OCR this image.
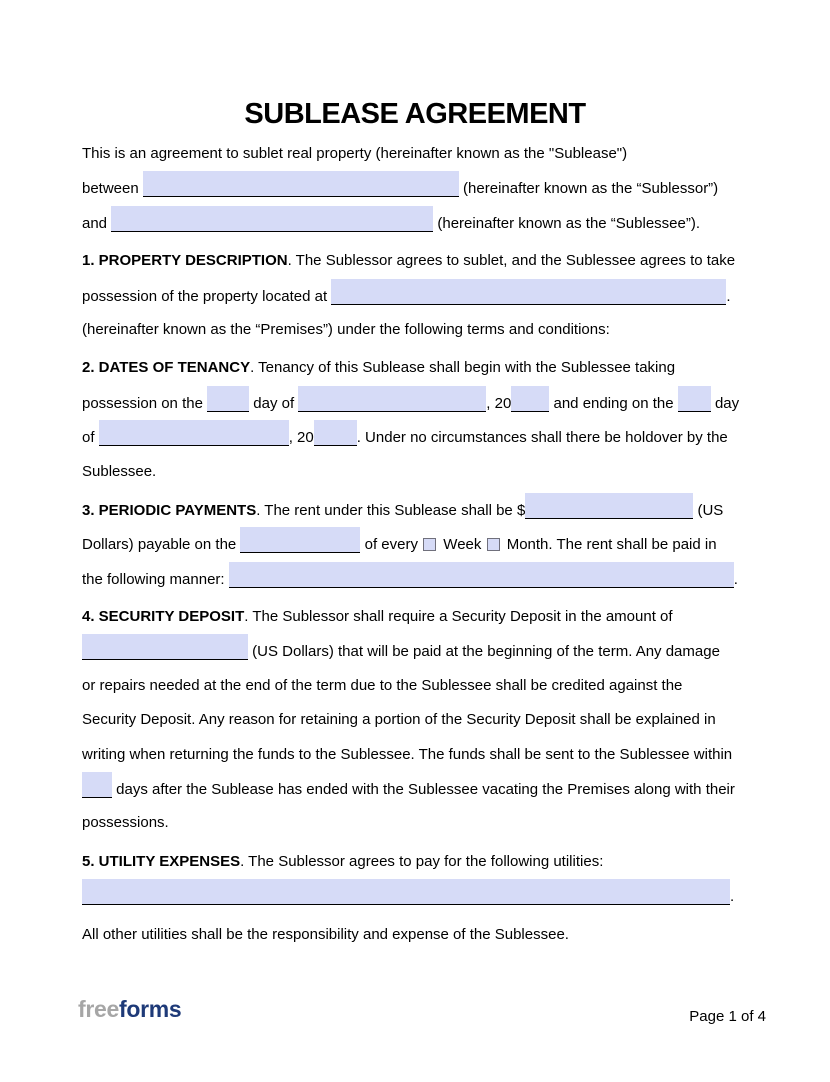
SUBLEASE AGREEMENT
This is an agreement to sublet real property (hereinafter known as the "Sublease")
between	(hereinafter known as the “Sublessor”)
and	(hereinafter known as the “Sublessee”).
1. PROPERTY DESCRIPTION. The Sublessor agrees to sublet, and the Sublessee agrees to take
possession of the property located at	.
(hereinafter known as the “Premises”) under the following terms and conditions:
2. DATES OF TENANCY. Tenancy of this Sublease shall begin with the Sublessee taking
possession on the	day of	, 20	and ending on the  day
of	, 20	. Under no circumstances shall there be holdover by the
Sublessee.
3. PERIODIC PAYMENTS. The rent under this Sublease shall be $	(US
Dollars) payable on the	of every  Week  Month. The rent shall be paid in
the following manner:	.
4. SECURITY DEPOSIT. The Sublessor shall require a Security Deposit in the amount of
(US Dollars) that will be paid at the beginning of the term. Any damage
or repairs needed at the end of the term due to the Sublessee shall be credited against the
Security Deposit. Any reason for retaining a portion of the Security Deposit shall be explained in
writing when returning the funds to the Sublessee. The funds shall be sent to the Sublessee within
days after the Sublease has ended with the Sublessee vacating the Premises along with their
possessions.
5. UTILITY EXPENSES. The Sublessor agrees to pay for the following utilities:
.
All other utilities shall be the responsibility and expense of the Sublessee.
freeforms	Page 1 of 4
